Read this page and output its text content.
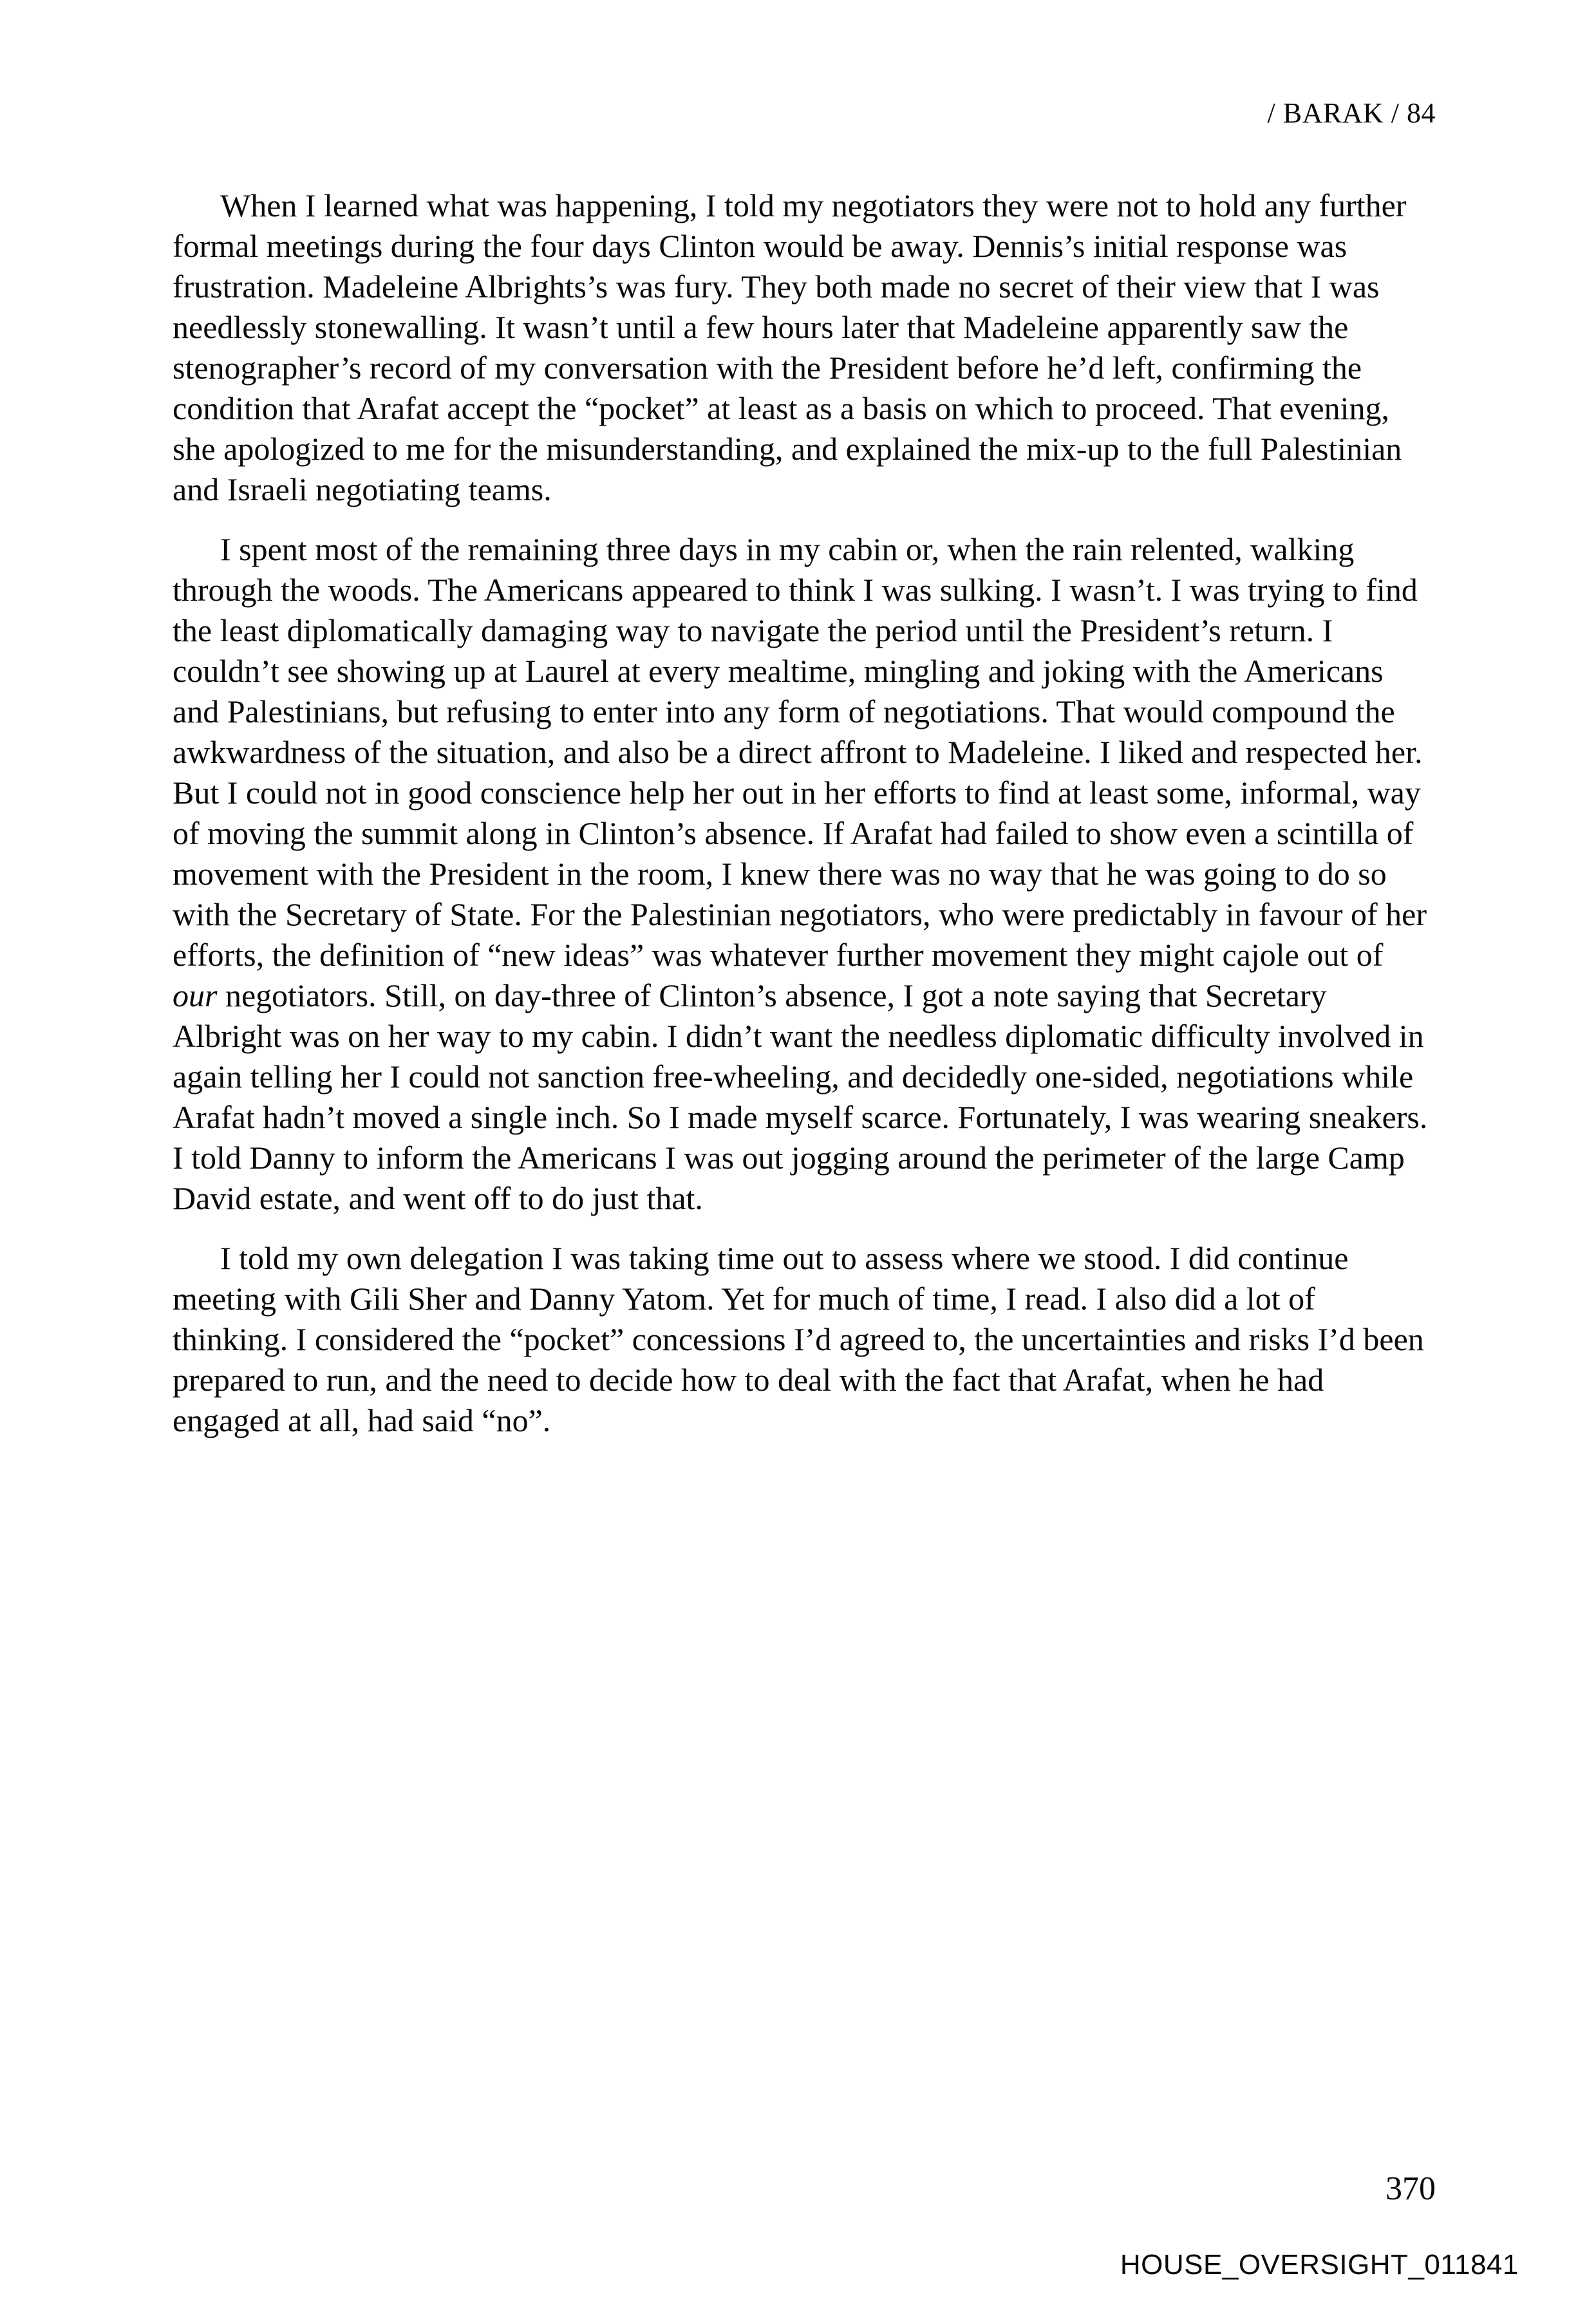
/ BARAK / 84

When I learned what was happening, I told my negotiators they were not to hold any further formal meetings during the four days Clinton would be away. Dennis’s initial response was frustration. Madeleine Albrights’s was fury. They both made no secret of their view that I was needlessly stonewalling. It wasn’t until a few hours later that Madeleine apparently saw the stenographer’s record of my conversation with the President before he’d left, confirming the condition that Arafat accept the “pocket” at least as a basis on which to proceed. That evening, she apologized to me for the misunderstanding, and explained the mix-up to the full Palestinian and Israeli negotiating teams.

I spent most of the remaining three days in my cabin or, when the rain relented, walking through the woods. The Americans appeared to think I was sulking. I wasn’t. I was trying to find the least diplomatically damaging way to navigate the period until the President’s return. I couldn’t see showing up at Laurel at every mealtime, mingling and joking with the Americans and Palestinians, but refusing to enter into any form of negotiations. That would compound the awkwardness of the situation, and also be a direct affront to Madeleine. I liked and respected her. But I could not in good conscience help her out in her efforts to find at least some, informal, way of moving the summit along in Clinton’s absence. If Arafat had failed to show even a scintilla of movement with the President in the room, I knew there was no way that he was going to do so with the Secretary of State. For the Palestinian negotiators, who were predictably in favour of her efforts, the definition of “new ideas” was whatever further movement they might cajole out of our negotiators. Still, on day-three of Clinton’s absence, I got a note saying that Secretary Albright was on her way to my cabin. I didn’t want the needless diplomatic difficulty involved in again telling her I could not sanction free-wheeling, and decidedly one-sided, negotiations while Arafat hadn’t moved a single inch. So I made myself scarce. Fortunately, I was wearing sneakers. I told Danny to inform the Americans I was out jogging around the perimeter of the large Camp David estate, and went off to do just that.

I told my own delegation I was taking time out to assess where we stood. I did continue meeting with Gili Sher and Danny Yatom. Yet for much of time, I read. I also did a lot of thinking. I considered the “pocket” concessions I’d agreed to, the uncertainties and risks I’d been prepared to run, and the need to decide how to deal with the fact that Arafat, when he had engaged at all, had said “no”.

370
HOUSE_OVERSIGHT_011841
